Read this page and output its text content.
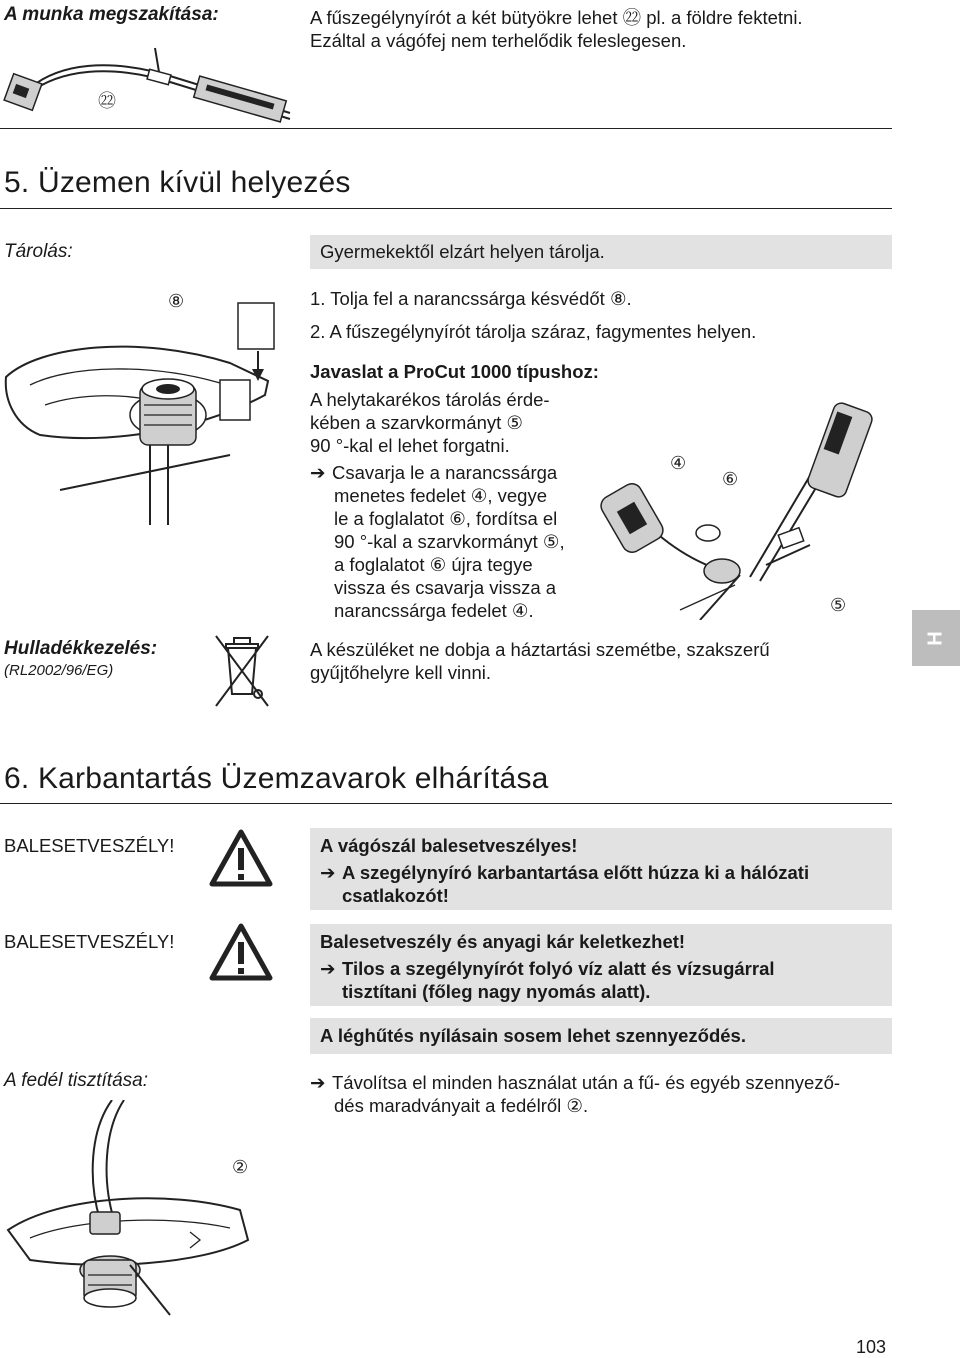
A munka megszakítása:	A fűszegélynyírót a két bütyökre lehet ㉒ pl. a földre fektetni.
Ezáltal a vágófej nem terhelődik feleslegesen.
㉒
5. Üzemen kívül helyezés
Tárolás:	Gyermekektől elzárt helyen tárolja.
1. Tolja fel a narancssárga késvédőt ⑧.
2. A fűszegélynyírót tárolja száraz, fagymentes helyen.
⑧
Javaslat a ProCut 1000 típushoz:
A helytakarékos tárolás érde-
kében a szarvkormányt ⑤
90 °-kal el lehet forgatni.
➔ Csavarja le a narancssárga
menetes fedelet ④, vegye
le a foglalatot ⑥, fordítsa el
90 °-kal a szarvkormányt ⑤,
a foglalatot ⑥ újra tegye
vissza és csavarja vissza a
narancssárga fedelet ④.
④
⑥
⑤
Hulladékkezelés:
(RL2002/96/EG)
A készüléket ne dobja a háztartási szemétbe, szakszerű
gyűjtőhelyre kell vinni.
H
6. Karbantartás Üzemzavarok elhárítása
BALESETVESZÉLY!	A vágószál balesetveszélyes!
➔ A szegélynyíró karbantartása előtt húzza ki a hálózati
csatlakozót!
BALESETVESZÉLY!	Balesetveszély és anyagi kár keletkezhet!
➔ Tilos a szegélynyírót folyó víz alatt és vízsugárral
tisztítani (főleg nagy nyomás alatt).
A léghűtés nyílásain sosem lehet szennyeződés.
A fedél tisztítása:	➔ Távolítsa el minden használat után a fű- és egyéb szennyező-
dés maradványait a fedélről ②.
②
103
